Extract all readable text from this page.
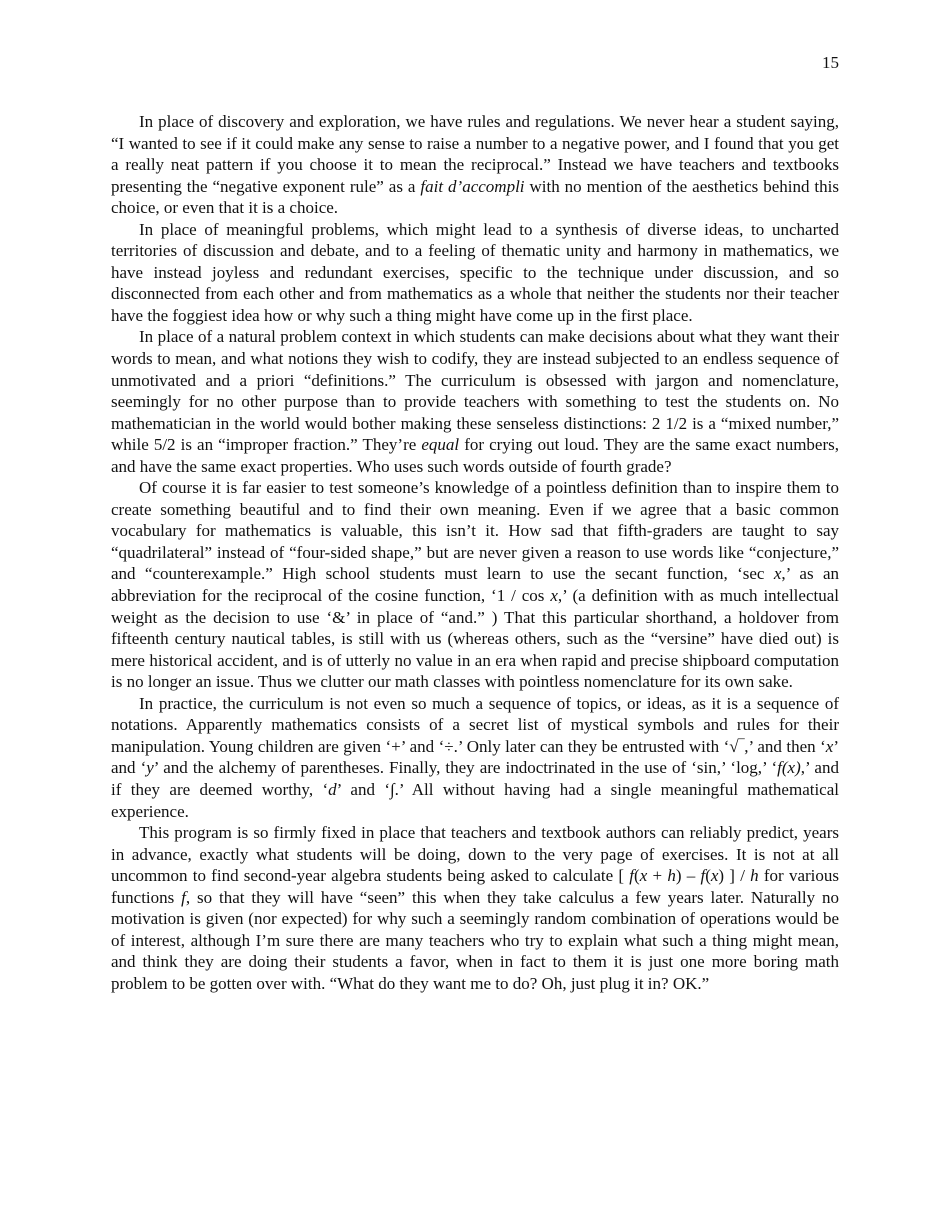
15

In place of discovery and exploration, we have rules and regulations. We never hear a student saying, “I wanted to see if it could make any sense to raise a number to a negative power, and I found that you get a really neat pattern if you choose it to mean the reciprocal.” Instead we have teachers and textbooks presenting the “negative exponent rule” as a fait d’accompli with no mention of the aesthetics behind this choice, or even that it is a choice.

In place of meaningful problems, which might lead to a synthesis of diverse ideas, to uncharted territories of discussion and debate, and to a feeling of thematic unity and harmony in mathematics, we have instead joyless and redundant exercises, specific to the technique under discussion, and so disconnected from each other and from mathematics as a whole that neither the students nor their teacher have the foggiest idea how or why such a thing might have come up in the first place.

In place of a natural problem context in which students can make decisions about what they want their words to mean, and what notions they wish to codify, they are instead subjected to an endless sequence of unmotivated and a priori “definitions.” The curriculum is obsessed with jargon and nomenclature, seemingly for no other purpose than to provide teachers with something to test the students on. No mathematician in the world would bother making these senseless distinctions: 2 1/2 is a “mixed number,” while 5/2 is an “improper fraction.” They’re equal for crying out loud. They are the same exact numbers, and have the same exact properties. Who uses such words outside of fourth grade?

Of course it is far easier to test someone’s knowledge of a pointless definition than to inspire them to create something beautiful and to find their own meaning. Even if we agree that a basic common vocabulary for mathematics is valuable, this isn’t it. How sad that fifth-graders are taught to say “quadrilateral” instead of “four-sided shape,” but are never given a reason to use words like “conjecture,” and “counterexample.” High school students must learn to use the secant function, ‘sec x,’ as an abbreviation for the reciprocal of the cosine function, ‘1 / cos x,’ (a definition with as much intellectual weight as the decision to use ‘&’ in place of “and.” ) That this particular shorthand, a holdover from fifteenth century nautical tables, is still with us (whereas others, such as the “versine” have died out) is mere historical accident, and is of utterly no value in an era when rapid and precise shipboard computation is no longer an issue. Thus we clutter our math classes with pointless nomenclature for its own sake.

In practice, the curriculum is not even so much a sequence of topics, or ideas, as it is a sequence of notations. Apparently mathematics consists of a secret list of mystical symbols and rules for their manipulation. Young children are given ‘+’ and ‘÷.’ Only later can they be entrusted with ‘√‾,’ and then ‘x’ and ‘y’ and the alchemy of parentheses. Finally, they are indoctrinated in the use of ‘sin,’ ‘log,’ ‘f(x),’ and if they are deemed worthy, ‘d’ and ‘∫.’ All without having had a single meaningful mathematical experience.

This program is so firmly fixed in place that teachers and textbook authors can reliably predict, years in advance, exactly what students will be doing, down to the very page of exercises. It is not at all uncommon to find second-year algebra students being asked to calculate [ f(x + h) – f(x) ] / h for various functions f, so that they will have “seen” this when they take calculus a few years later. Naturally no motivation is given (nor expected) for why such a seemingly random combination of operations would be of interest, although I’m sure there are many teachers who try to explain what such a thing might mean, and think they are doing their students a favor, when in fact to them it is just one more boring math problem to be gotten over with. “What do they want me to do? Oh, just plug it in? OK.”
